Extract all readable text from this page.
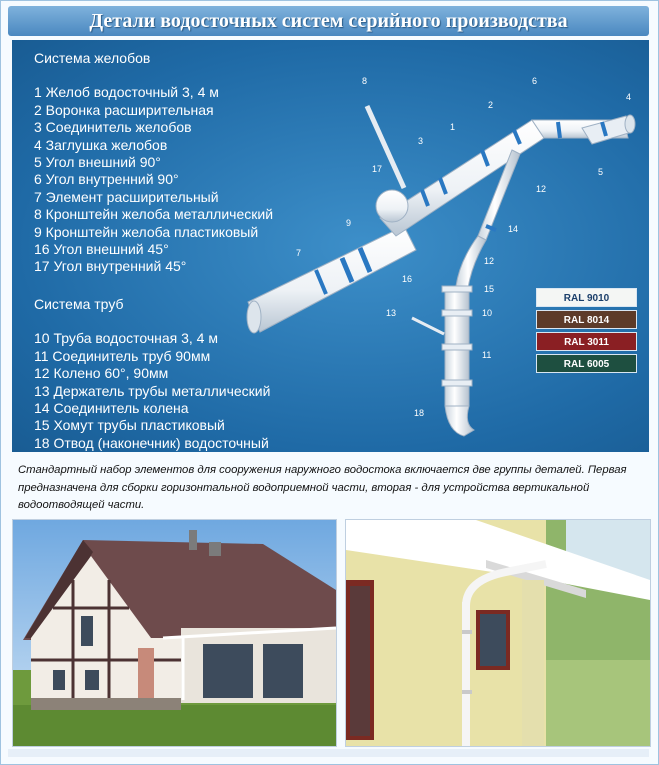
Детали водосточных систем серийного производства
8	6
4
2
1
3
5
17
12
9
14
7
16
12
15
13	10
11
18
Система желобов
1 Желоб водосточный 3, 4 м
2 Воронка расширительная
3 Соединитель желобов
4 Заглушка желобов
5 Угол внешний 90°
6 Угол внутренний 90°
7 Элемент расширительный
8 Кронштейн желоба металлический
9 Кронштейн желоба пластиковый
16 Угол внешний 45°
17 Угол внутренний 45°
Система труб
10 Труба водосточная 3, 4 м
11 Соединитель труб 90мм
12 Колено 60°, 90мм
13 Держатель трубы металлический
14 Соединитель колена
15 Хомут трубы пластиковый
18 Отвод (наконечник) водосточный
RAL 9010
RAL 8014
RAL 3011
RAL 6005
Стандартный набор элементов для сооружения наружного водостока включается две группы деталей. Первая предназначена для сборки горизонтальной водоприемной части, вторая - для устройства вертикальной водоотводящей части.
